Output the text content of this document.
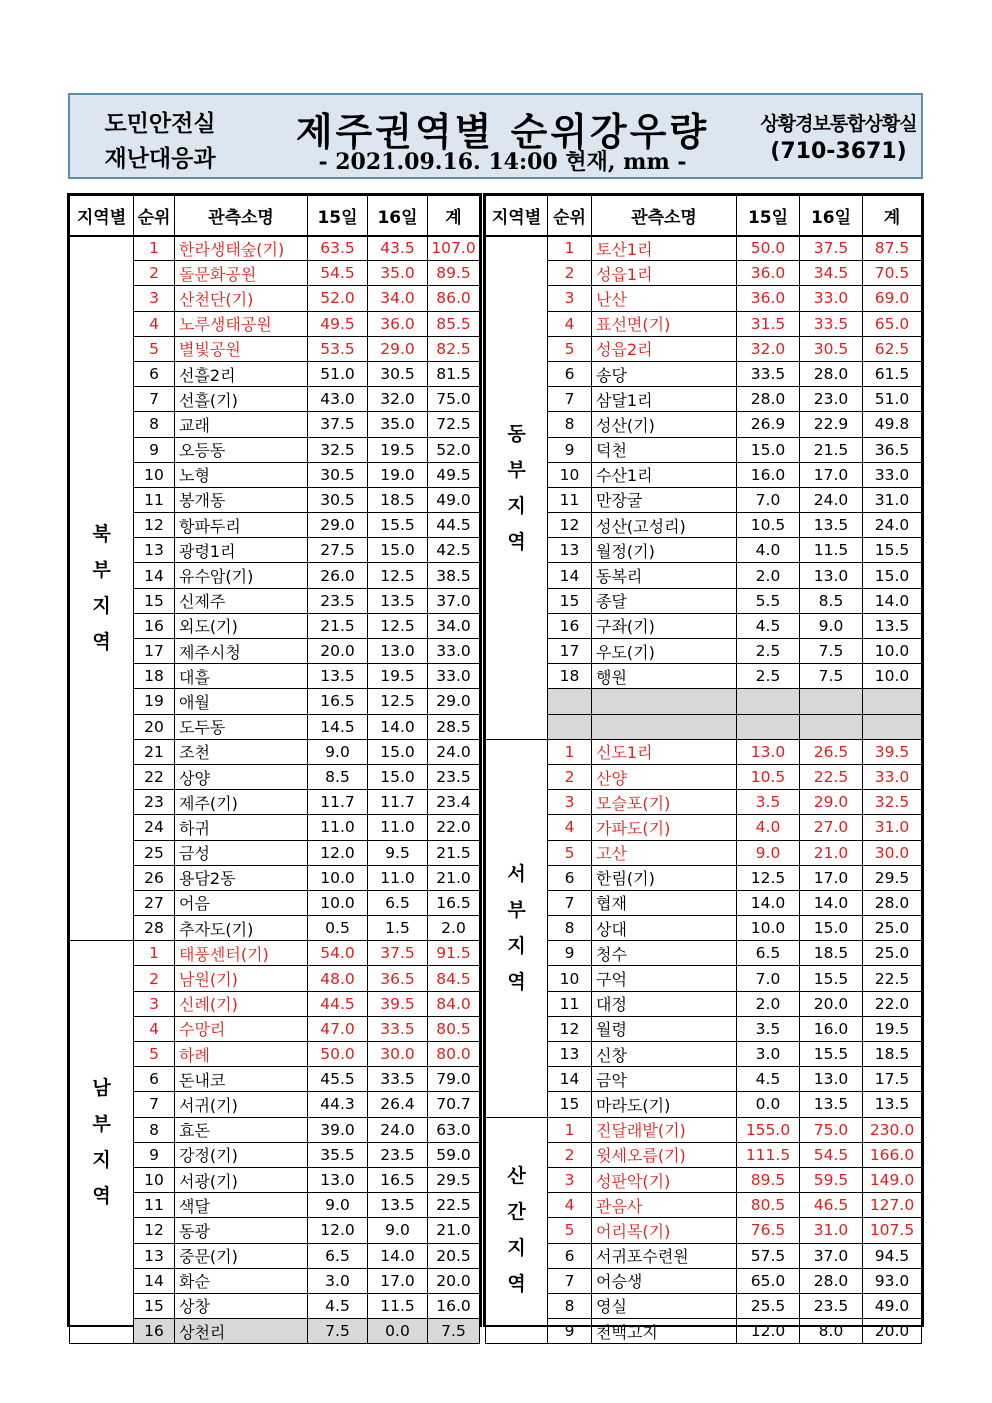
도민안전실
재난대응과
제주권역별 순위강우량
- 2021.09.16. 14:00 현재, mm -
상황경보통합상황실
(710-3671)
지역별	순위	관측소명	15일	16일	계
북부지역	1	한라생태숲(기)	63.5	43.5	107.0
	2	돌문화공원	54.5	35.0	89.5
	3	산천단(기)	52.0	34.0	86.0
	4	노루생태공원	49.5	36.0	85.5
	5	별빛공원	53.5	29.0	82.5
	6	선흘2리	51.0	30.5	81.5
	7	선흘(기)	43.0	32.0	75.0
	8	교래	37.5	35.0	72.5
	9	오등동	32.5	19.5	52.0
	10	노형	30.5	19.0	49.5
	11	봉개동	30.5	18.5	49.0
	12	항파두리	29.0	15.5	44.5
	13	광령1리	27.5	15.0	42.5
	14	유수암(기)	26.0	12.5	38.5
	15	신제주	23.5	13.5	37.0
	16	외도(기)	21.5	12.5	34.0
	17	제주시청	20.0	13.0	33.0
	18	대흘	13.5	19.5	33.0
	19	애월	16.5	12.5	29.0
	20	도두동	14.5	14.0	28.5
	21	조천	9.0	15.0	24.0
	22	상양	8.5	15.0	23.5
	23	제주(기)	11.7	11.7	23.4
	24	하귀	11.0	11.0	22.0
	25	금성	12.0	9.5	21.5
	26	용담2동	10.0	11.0	21.0
	27	어음	10.0	6.5	16.5
	28	추자도(기)	0.5	1.5	2.0
남부지역	1	태풍센터(기)	54.0	37.5	91.5
	2	남원(기)	48.0	36.5	84.5
	3	신례(기)	44.5	39.5	84.0
	4	수망리	47.0	33.5	80.5
	5	하례	50.0	30.0	80.0
	6	돈내코	45.5	33.5	79.0
	7	서귀(기)	44.3	26.4	70.7
	8	효돈	39.0	24.0	63.0
	9	강정(기)	35.5	23.5	59.0
	10	서광(기)	13.0	16.5	29.5
	11	색달	9.0	13.5	22.5
	12	동광	12.0	9.0	21.0
	13	중문(기)	6.5	14.0	20.5
	14	화순	3.0	17.0	20.0
	15	상창	4.5	11.5	16.0
	16	상천리	7.5	0.0	7.5
지역별	순위	관측소명	15일	16일	계
동부지역	1	토산1리	50.0	37.5	87.5
	2	성읍1리	36.0	34.5	70.5
	3	난산	36.0	33.0	69.0
	4	표선면(기)	31.5	33.5	65.0
	5	성읍2리	32.0	30.5	62.5
	6	송당	33.5	28.0	61.5
	7	삼달1리	28.0	23.0	51.0
	8	성산(기)	26.9	22.9	49.8
	9	덕천	15.0	21.5	36.5
	10	수산1리	16.0	17.0	33.0
	11	만장굴	7.0	24.0	31.0
	12	성산(고성리)	10.5	13.5	24.0
	13	월정(기)	4.0	11.5	15.5
	14	동복리	2.0	13.0	15.0
	15	종달	5.5	8.5	14.0
	16	구좌(기)	4.5	9.0	13.5
	17	우도(기)	2.5	7.5	10.0
	18	행원	2.5	7.5	10.0

서부지역	1	신도1리	13.0	26.5	39.5
	2	산양	10.5	22.5	33.0
	3	모슬포(기)	3.5	29.0	32.5
	4	가파도(기)	4.0	27.0	31.0
	5	고산	9.0	21.0	30.0
	6	한림(기)	12.5	17.0	29.5
	7	협재	14.0	14.0	28.0
	8	상대	10.0	15.0	25.0
	9	청수	6.5	18.5	25.0
	10	구억	7.0	15.5	22.5
	11	대정	2.0	20.0	22.0
	12	월령	3.5	16.0	19.5
	13	신창	3.0	15.5	18.5
	14	금악	4.5	13.0	17.5
	15	마라도(기)	0.0	13.5	13.5
산간지역	1	진달래밭(기)	155.0	75.0	230.0
	2	윗세오름(기)	111.5	54.5	166.0
	3	성판악(기)	89.5	59.5	149.0
	4	관음사	80.5	46.5	127.0
	5	어리목(기)	76.5	31.0	107.5
	6	서귀포수련원	57.5	37.0	94.5
	7	어승생	65.0	28.0	93.0
	8	영실	25.5	23.5	49.0
	9	천백고지	12.0	8.0	20.0
